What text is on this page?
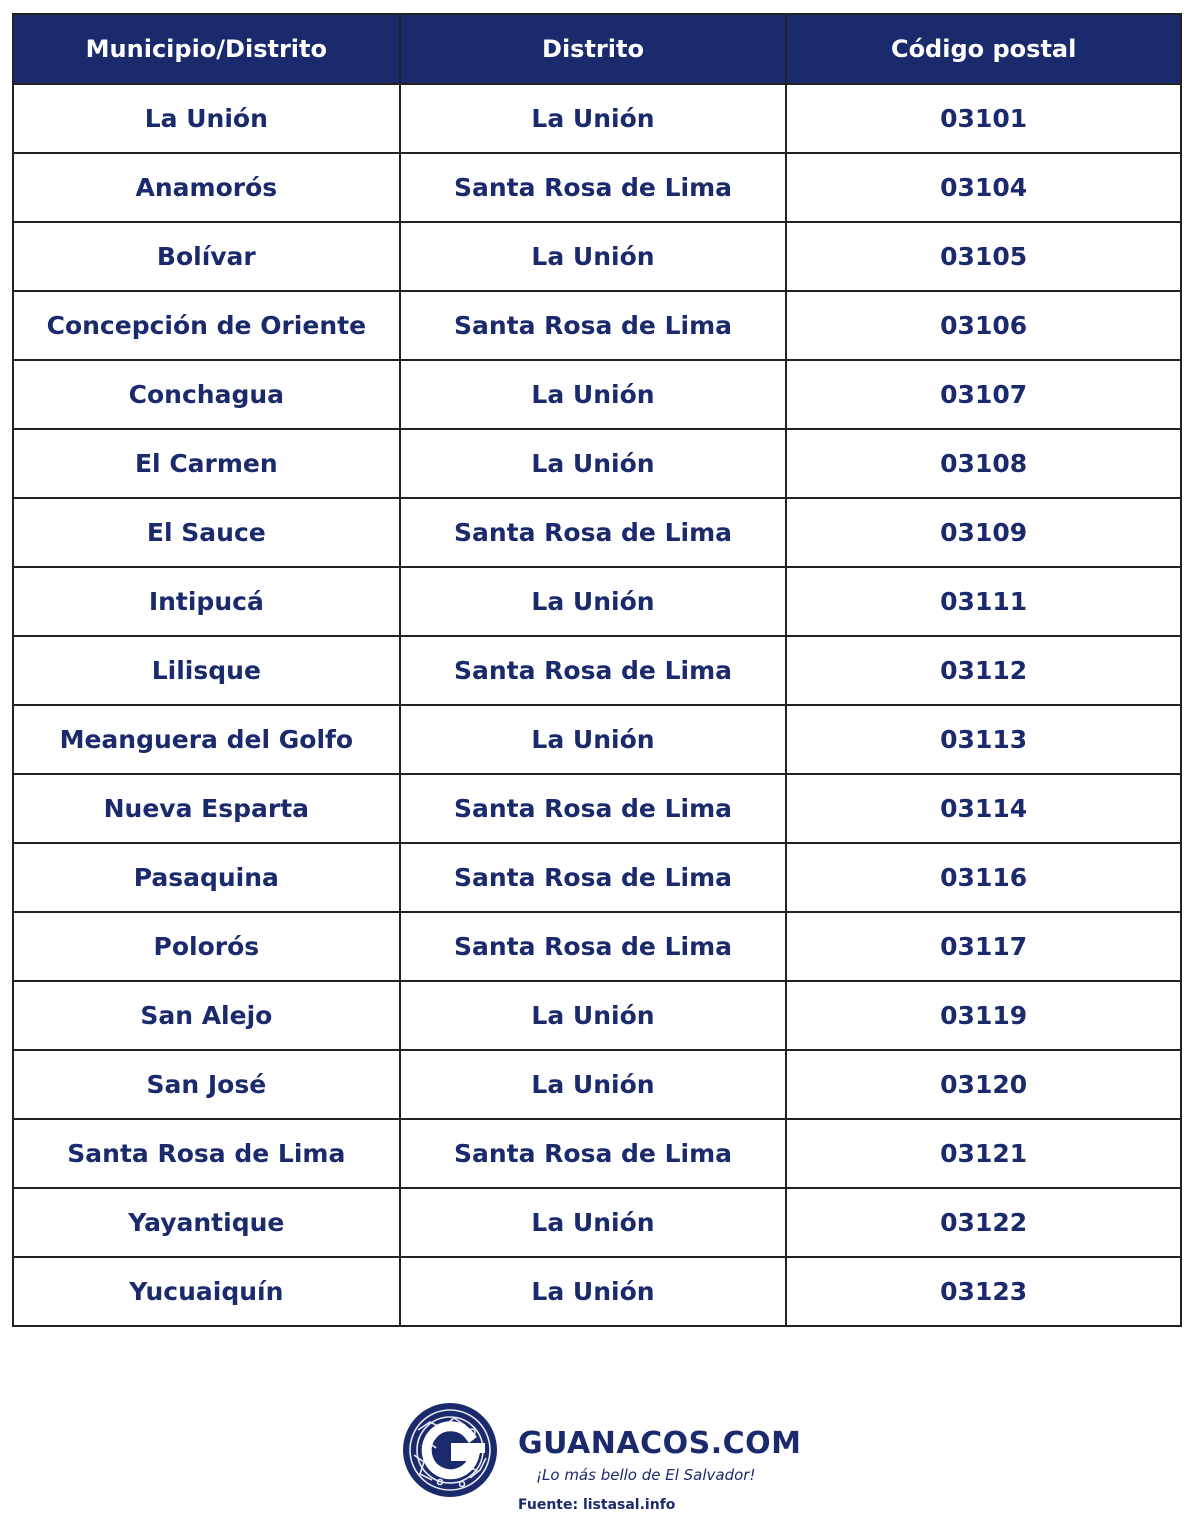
Municipio/Distrito	Distrito	Código postal
La Unión	La Unión	03101
Anamorós	Santa Rosa de Lima	03104
Bolívar	La Unión	03105
Concepción de Oriente	Santa Rosa de Lima	03106
Conchagua	La Unión	03107
El Carmen	La Unión	03108
El Sauce	Santa Rosa de Lima	03109
Intipucá	La Unión	03111
Lilisque	Santa Rosa de Lima	03112
Meanguera del Golfo	La Unión	03113
Nueva Esparta	Santa Rosa de Lima	03114
Pasaquina	Santa Rosa de Lima	03116
Polorós	Santa Rosa de Lima	03117
San Alejo	La Unión	03119
San José	La Unión	03120
Santa Rosa de Lima	Santa Rosa de Lima	03121
Yayantique	La Unión	03122
Yucuaiquín	La Unión	03123
GUANACOS.COM
¡Lo más bello de El Salvador!
Fuente: listasal.info
